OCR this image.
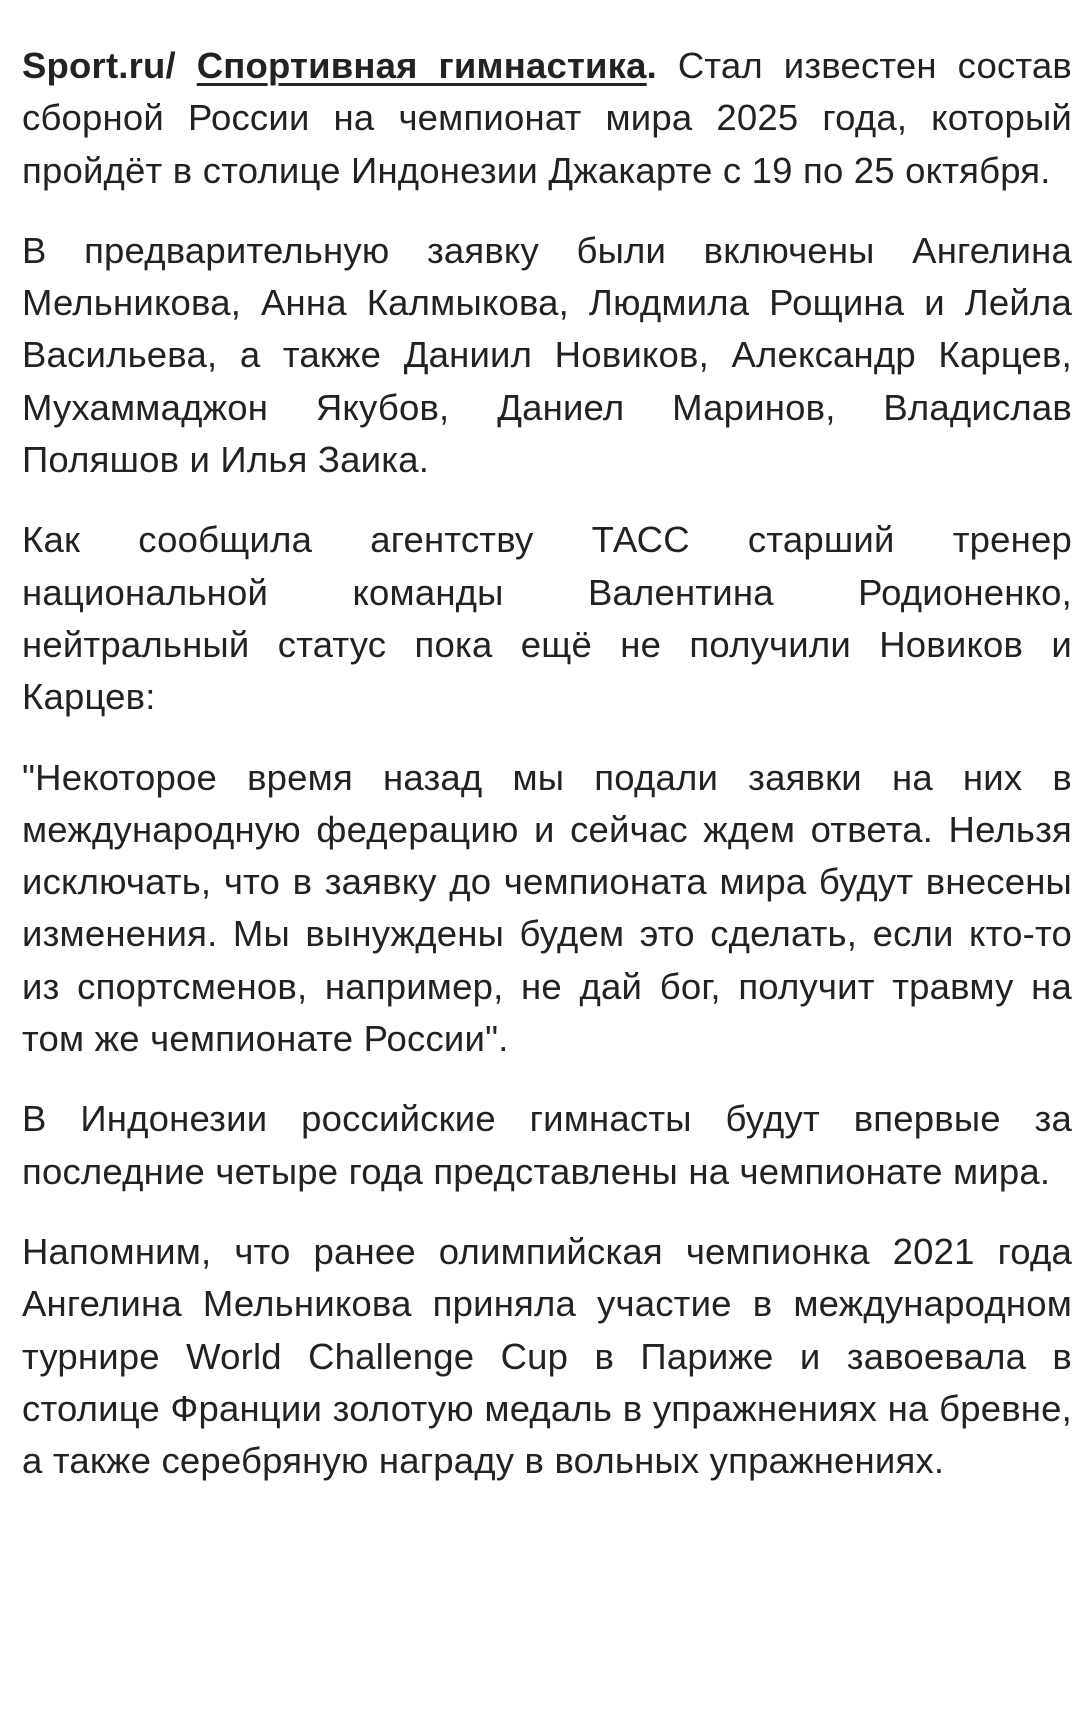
Sport.ru/ Спортивная гимнастика. Стал известен состав сборной России на чемпионат мира 2025 года, который пройдёт в столице Индонезии Джакарте с 19 по 25 октября.

В предварительную заявку были включены Ангелина Мельникова, Анна Калмыкова, Людмила Рощина и Лейла Васильева, а также Даниил Новиков, Александр Карцев, Мухаммаджон Якубов, Даниел Маринов, Владислав Поляшов и Илья Заика.

Как сообщила агентству ТАСС старший тренер национальной команды Валентина Родионенко, нейтральный статус пока ещё не получили Новиков и Карцев:

"Некоторое время назад мы подали заявки на них в международную федерацию и сейчас ждем ответа. Нельзя исключать, что в заявку до чемпионата мира будут внесены изменения. Мы вынуждены будем это сделать, если кто-то из спортсменов, например, не дай бог, получит травму на том же чемпионате России".

В Индонезии российские гимнасты будут впервые за последние четыре года представлены на чемпионате мира.

Напомним, что ранее олимпийская чемпионка 2021 года Ангелина Мельникова приняла участие в международном турнире World Challenge Cup в Париже и завоевала в столице Франции золотую медаль в упражнениях на бревне, а также серебряную награду в вольных упражнениях.
